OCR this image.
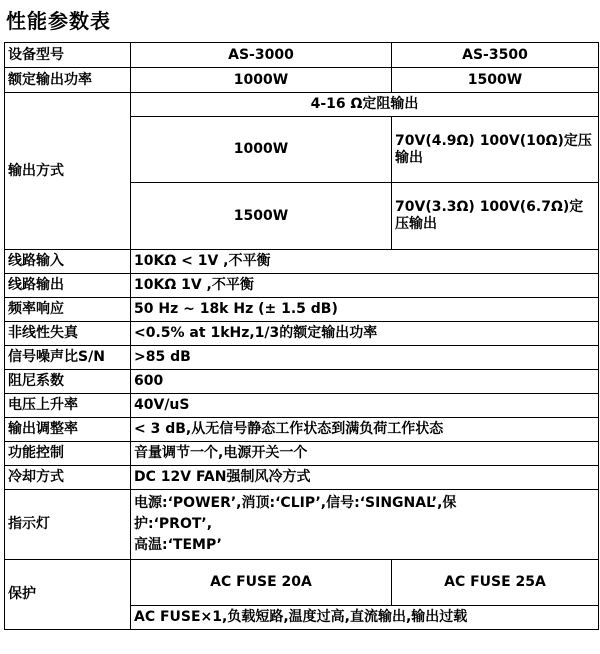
性能参数表
设备型号	AS-3000	AS-3500
额定输出功率	1000W	1500W
输出方式	4-16 Ω定阻输出	
	1000W	70V(4.9Ω) 100V(10Ω)定压输出
	1500W	70V(3.3Ω) 100V(6.7Ω)定压输出
线路输入	10KΩ < 1V ,不平衡	
线路输出	10KΩ 1V ,不平衡	
频率响应	50 Hz ~ 18k Hz (± 1.5 dB)	
非线性失真	<0.5% at 1kHz,1/3的额定输出功率	
信号噪声比S/N	>85 dB	
阻尼系数	600	
电压上升率	40V/uS	
输出调整率	< 3 dB,从无信号静态工作状态到满负荷工作状态	
功能控制	音量调节一个,电源开关一个	
冷却方式	DC 12V FAN强制风冷方式	
指示灯	电源:‘POWER’,消顶:‘CLIP’,信号:‘SINGNAL’,保
护:‘PROT’,
高温:‘TEMP’	

保护	AC FUSE 20A	AC FUSE 25A
	AC FUSE×1,负载短路,温度过高,直流输出,输出过载	
